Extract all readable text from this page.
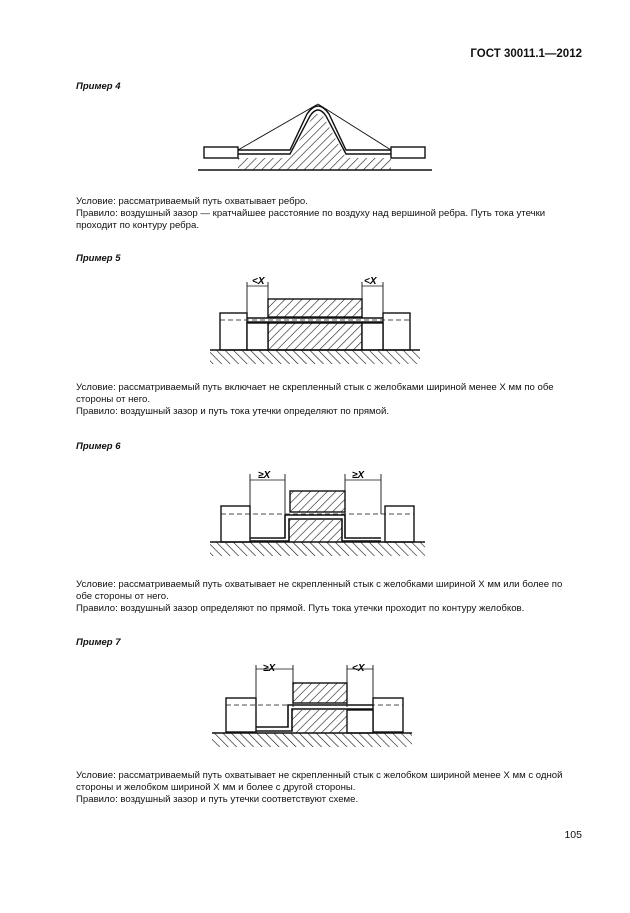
ГОСТ 30011.1—2012
Пример 4

Условие: рассматриваемый путь охватывает ребро.

Правило: воздушный зазор — кратчайшее расстояние по воздуху над вершиной ребра. Путь тока утечки

проходит по контуру ребра.

Пример 5
<X	<X

Условие: рассматриваемый путь включает не скрепленный стык с желобками шириной менее X мм по обе

стороны от него.

Правило: воздушный зазор и путь тока утечки определяют по прямой.

Пример 6
≥X	≥X

Условие: рассматриваемый путь охватывает не скрепленный стык с желобками шириной X мм или более по

обе стороны от него.

Правило: воздушный зазор определяют по прямой. Путь тока утечки проходит по контуру желобков.

Пример 7
≥X	<X

Условие: рассматриваемый путь охватывает не скрепленный стык с желобком шириной менее X мм с одной

стороны и желобком шириной X мм и более с другой стороны.

Правило: воздушный зазор и путь утечки соответствуют схеме.

105
